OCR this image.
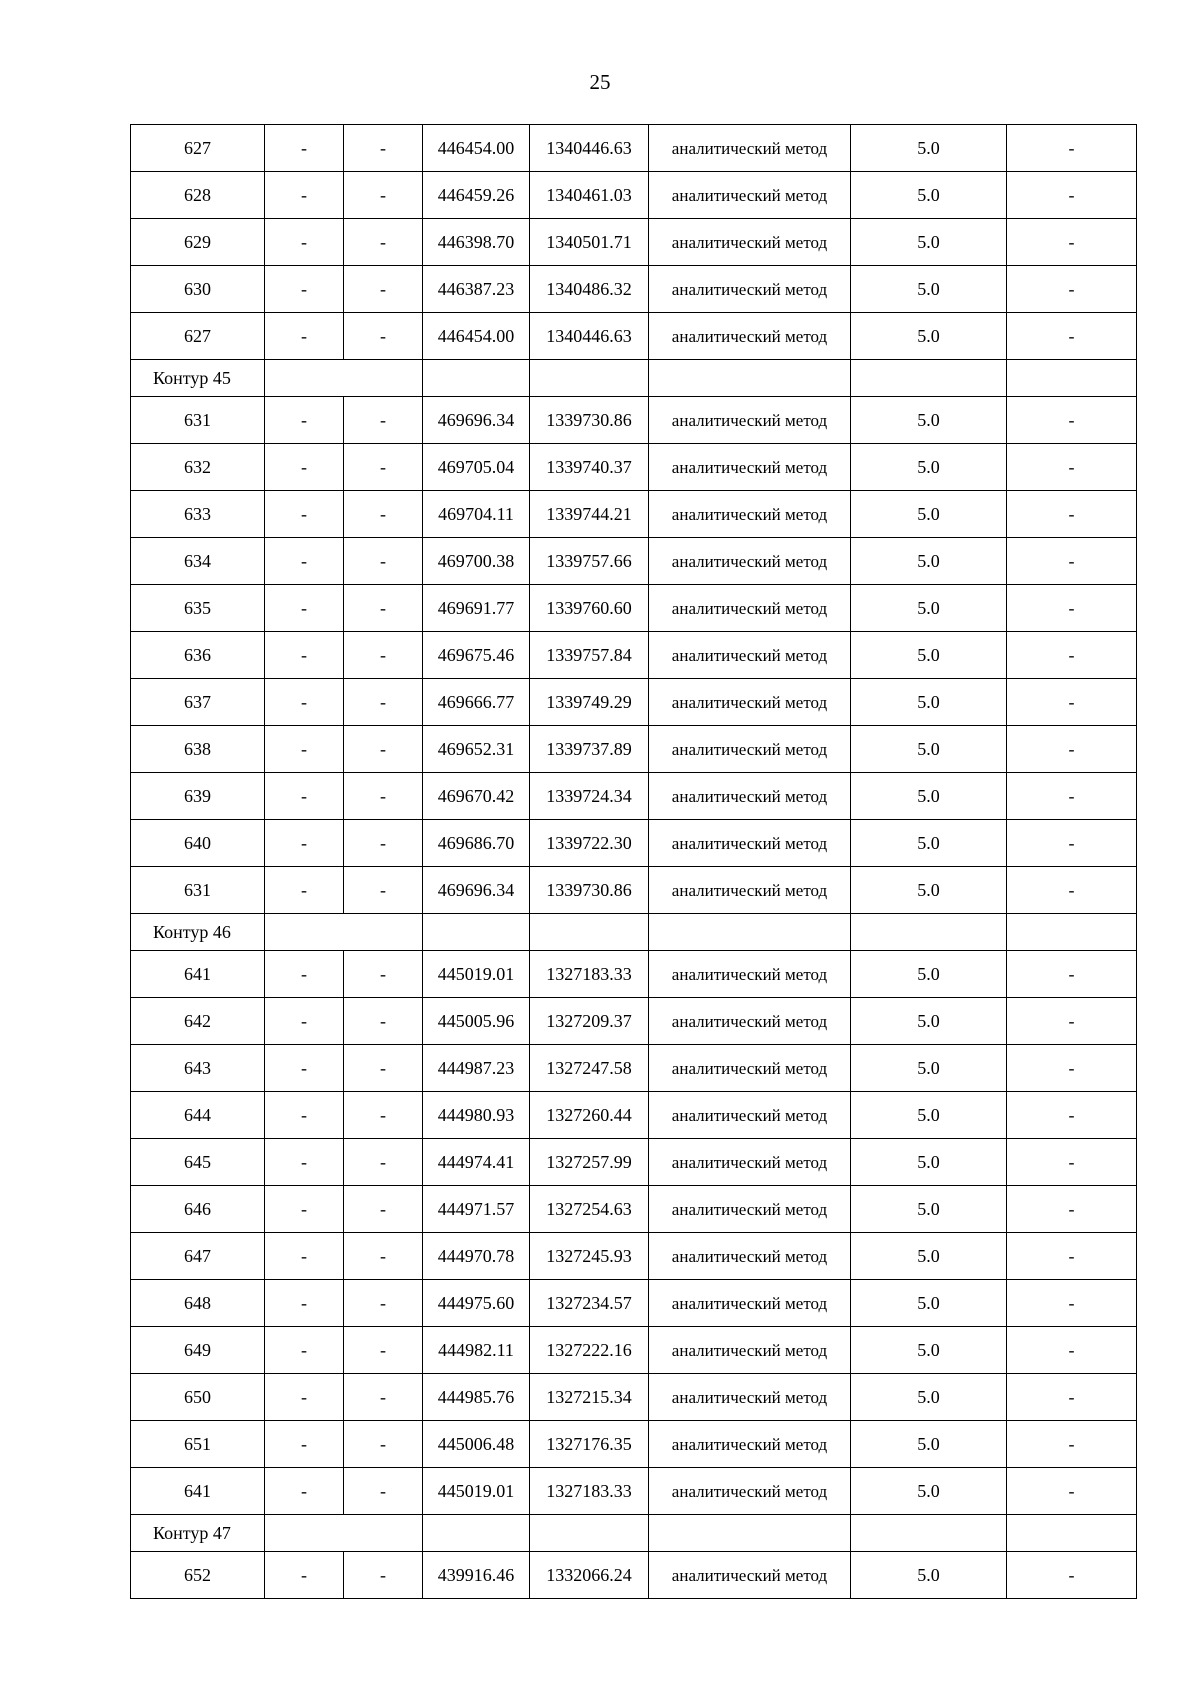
25
627	-	-	446454.00	1340446.63	аналитический метод	5.0	-
628	-	-	446459.26	1340461.03	аналитический метод	5.0	-
629	-	-	446398.70	1340501.71	аналитический метод	5.0	-
630	-	-	446387.23	1340486.32	аналитический метод	5.0	-
627	-	-	446454.00	1340446.63	аналитический метод	5.0	-
Контур 45							
631	-	-	469696.34	1339730.86	аналитический метод	5.0	-
632	-	-	469705.04	1339740.37	аналитический метод	5.0	-
633	-	-	469704.11	1339744.21	аналитический метод	5.0	-
634	-	-	469700.38	1339757.66	аналитический метод	5.0	-
635	-	-	469691.77	1339760.60	аналитический метод	5.0	-
636	-	-	469675.46	1339757.84	аналитический метод	5.0	-
637	-	-	469666.77	1339749.29	аналитический метод	5.0	-
638	-	-	469652.31	1339737.89	аналитический метод	5.0	-
639	-	-	469670.42	1339724.34	аналитический метод	5.0	-
640	-	-	469686.70	1339722.30	аналитический метод	5.0	-
631	-	-	469696.34	1339730.86	аналитический метод	5.0	-
Контур 46							
641	-	-	445019.01	1327183.33	аналитический метод	5.0	-
642	-	-	445005.96	1327209.37	аналитический метод	5.0	-
643	-	-	444987.23	1327247.58	аналитический метод	5.0	-
644	-	-	444980.93	1327260.44	аналитический метод	5.0	-
645	-	-	444974.41	1327257.99	аналитический метод	5.0	-
646	-	-	444971.57	1327254.63	аналитический метод	5.0	-
647	-	-	444970.78	1327245.93	аналитический метод	5.0	-
648	-	-	444975.60	1327234.57	аналитический метод	5.0	-
649	-	-	444982.11	1327222.16	аналитический метод	5.0	-
650	-	-	444985.76	1327215.34	аналитический метод	5.0	-
651	-	-	445006.48	1327176.35	аналитический метод	5.0	-
641	-	-	445019.01	1327183.33	аналитический метод	5.0	-
Контур 47							
652	-	-	439916.46	1332066.24	аналитический метод	5.0	-
